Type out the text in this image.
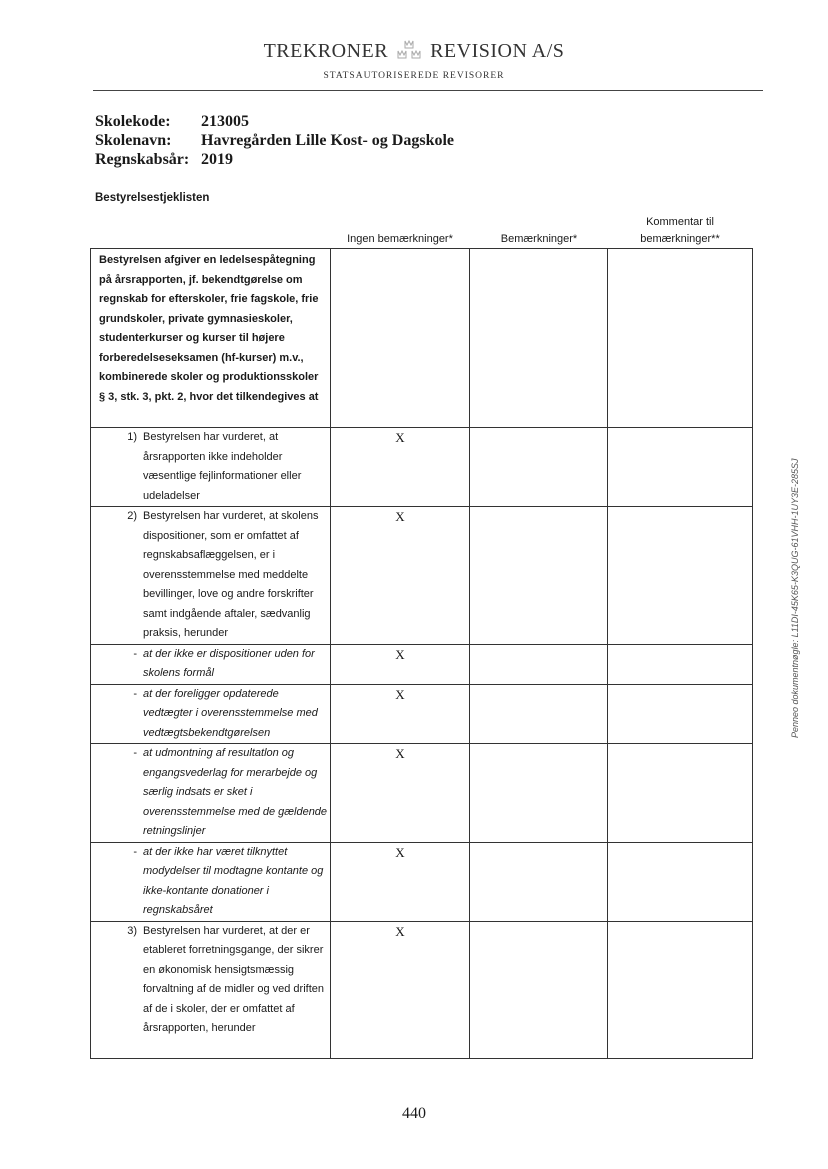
TREKRONER REVISION A/S
STATSAUTORISEREDE REVISORER
Skolekode:	213005
Skolenavn:	Havregården Lille Kost- og Dagskole
Regnskabsår: 2019
Bestyrelsestjeklisten
Ingen bemærkninger*	Bemærkninger*
Kommentar til bemærkninger**
Bestyrelsen afgiver en ledelsespåtegning på årsrapporten, jf. bekendtgørelse om regnskab for efterskoler, frie fagskole, frie grundskoler, private gymnasieskoler, studenterkurser og kurser til højere forberedelseseksamen (hf-kurser) m.v., kombinerede skoler og produktionsskoler § 3, stk. 3, pkt. 2, hvor det tilkendegives at			

1) Bestyrelsen har vurderet, at årsrapporten ikke indeholder væsentlige fejlinformationer eller udeladelser	X		

2) Bestyrelsen har vurderet, at skolens dispositioner, som er omfattet af regnskabsaflæggelsen, er i overensstemmelse med meddelte bevillinger, love og andre forskrifter samt indgående aftaler, sædvanlig praksis, herunder	X		

- at der ikke er dispositioner uden for skolens formål	X		

- at der foreligger opdaterede vedtægter i overensstemmelse med vedtægtsbekendtgørelsen	X		

- at udmontning af resultatlon og engangsvederlag for merarbejde og særlig indsats er sket i overensstemmelse med de gældende retningslinjer	X		

- at der ikke har været tilknyttet modydelser til modtagne kontante og ikke-kontante donationer i regnskabsåret	X		

3) Bestyrelsen har vurderet, at der er etableret forretningsgange, der sikrer en økonomisk hensigtsmæssig forvaltning af de midler og ved driften af de i skoler, der er omfattet af årsrapporten, herunder	X		

Penneo dokumentnøgle: L11DI-45K65-K3QUG-61VHH-1UY3E-285SJ
440
